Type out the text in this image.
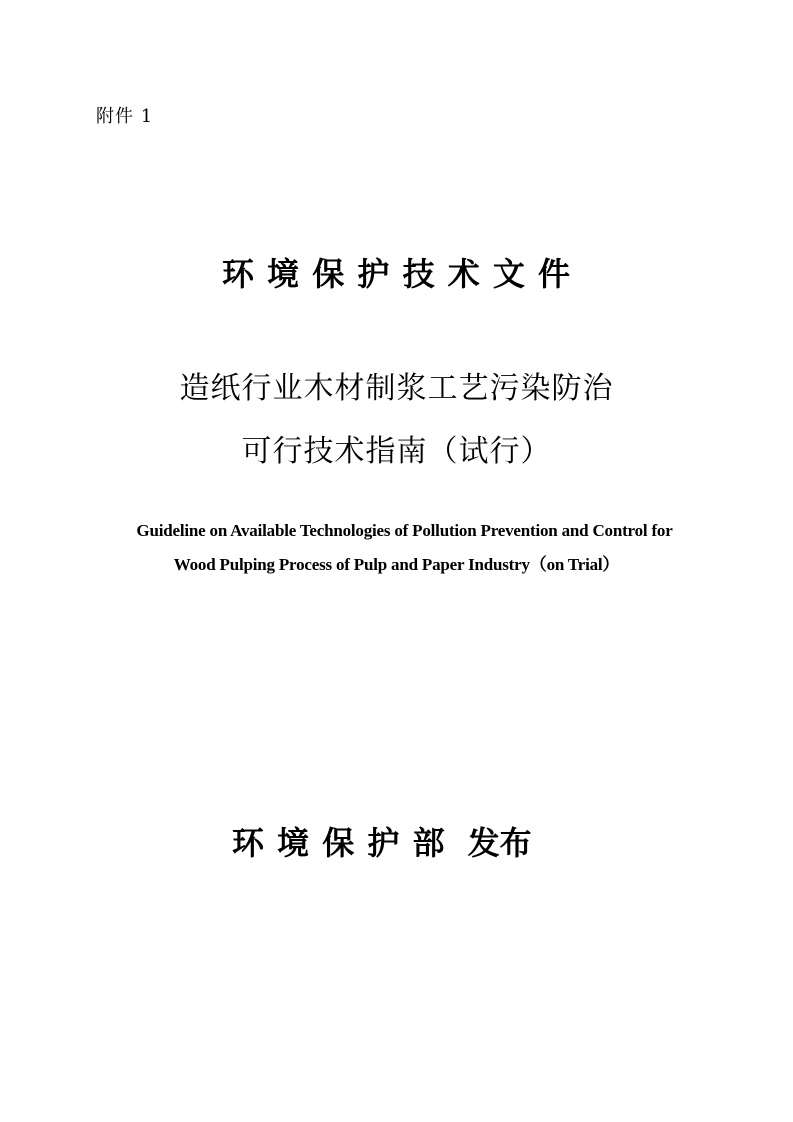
附件 1
环 境 保 护 技 术 文 件
造纸行业木材制浆工艺污染防治
可行技术指南（试行）
Guideline on Available Technologies of Pollution Prevention and Control for
Wood Pulping Process of Pulp and Paper Industry（on Trial）
环 境 保 护 部 发布
